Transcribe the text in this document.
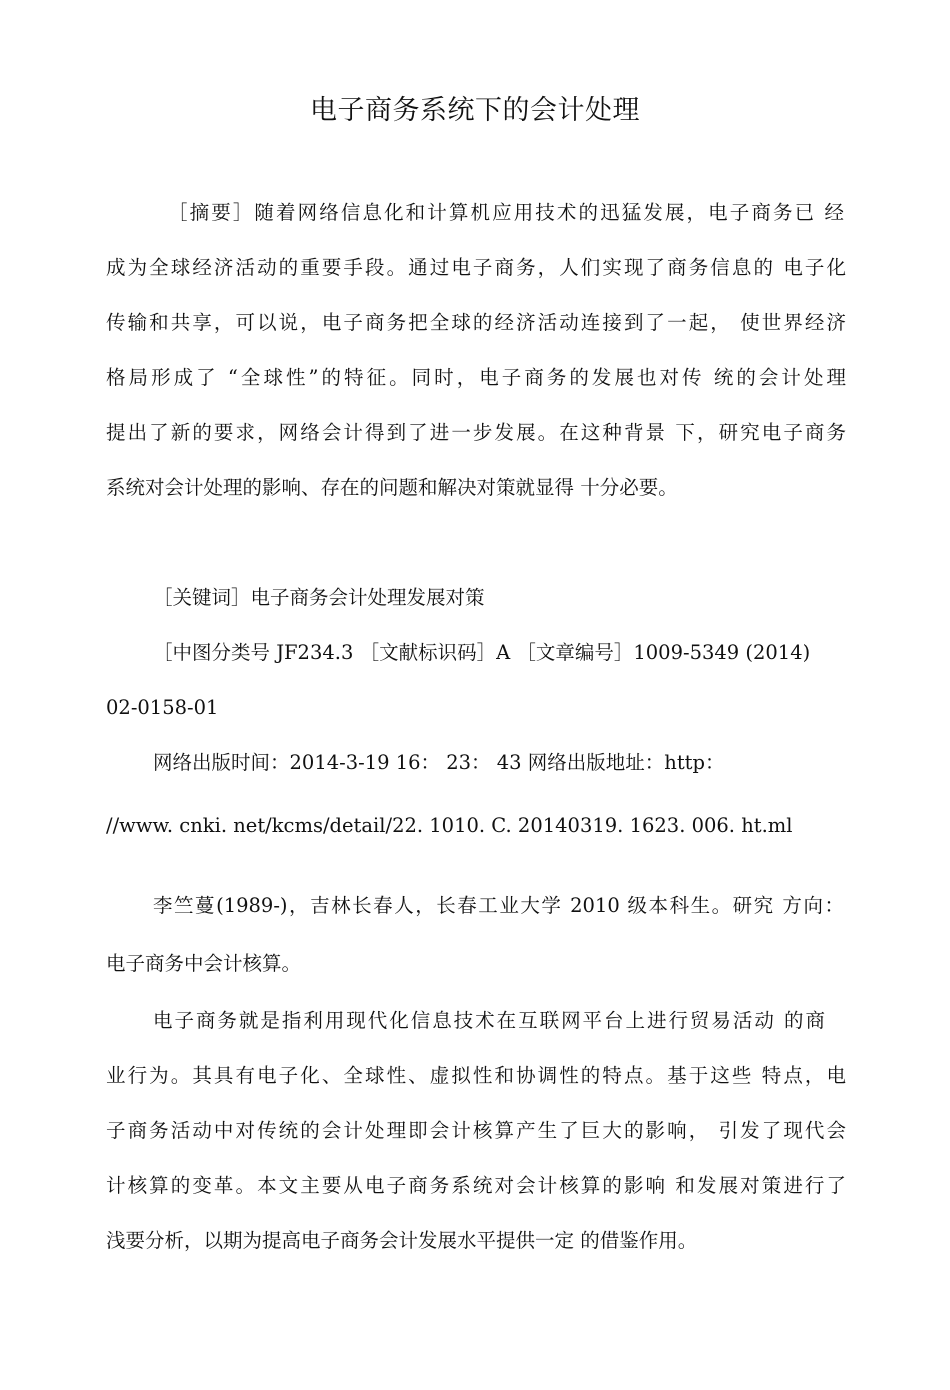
电子商务系统下的会计处理
［摘要］随着网络信息化和计算机应用技术的迅猛发展，电子商务已 经
成为全球经济活动的重要手段。通过电子商务，人们实现了商务信息的 电子化
传输和共享，可以说，电子商务把全球的经济活动连接到了一起， 使世界经济
格局形成了 “全球性”的特征。同时，电子商务的发展也对传 统的会计处理
提出了新的要求，网络会计得到了进一步发展。在这种背景 下，研究电子商务
系统对会计处理的影响、存在的问题和解决对策就显得 十分必要。
［关键词］电子商务会计处理发展对策
［中图分类号 JF234.3 ［文献标识码］A ［文章编号］1009-5349 (2014)
02-0158-01
网络出版时间：2014-3-19 16： 23： 43 网络出版地址：http：
//www. cnki. net/kcms/detail/22. 1010. C. 20140319. 1623. 006. ht.ml
李竺蔓(1989-)，吉林长春人，长春工业大学 2010 级本科生。研究 方向：
电子商务中会计核算。
电子商务就是指利用现代化信息技术在互联网平台上进行贸易活动 的商
业行为。其具有电子化、全球性、虚拟性和协调性的特点。基于这些 特点，电
子商务活动中对传统的会计处理即会计核算产生了巨大的影响， 引发了现代会
计核算的变革。本文主要从电子商务系统对会计核算的影响 和发展对策进行了
浅要分析，以期为提高电子商务会计发展水平提供一定 的借鉴作用。
